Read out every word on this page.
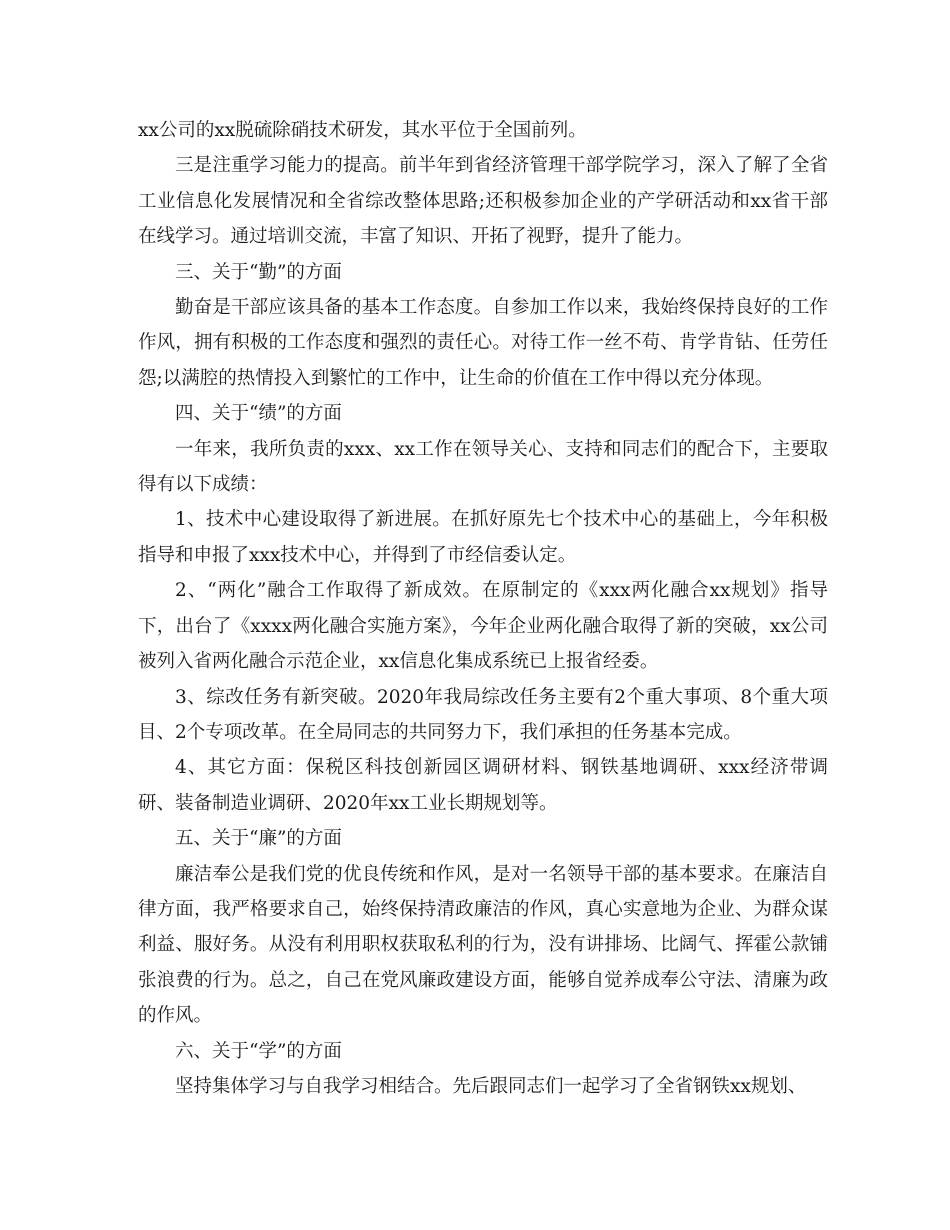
xx公司的xx脱硫除硝技术研发，其水平位于全国前列。

三是注重学习能力的提高。前半年到省经济管理干部学院学习，深入了解了全省工业信息化发展情况和全省综改整体思路;还积极参加企业的产学研活动和xx省干部在线学习。通过培训交流，丰富了知识、开拓了视野，提升了能力。

三、关于“勤”的方面

勤奋是干部应该具备的基本工作态度。自参加工作以来，我始终保持良好的工作作风，拥有积极的工作态度和强烈的责任心。对待工作一丝不苟、肯学肯钻、任劳任怨;以满腔的热情投入到繁忙的工作中，让生命的价值在工作中得以充分体现。

四、关于“绩”的方面

一年来，我所负责的xxx、xx工作在领导关心、支持和同志们的配合下，主要取得有以下成绩：

1、技术中心建设取得了新进展。在抓好原先七个技术中心的基础上，今年积极指导和申报了xxx技术中心，并得到了市经信委认定。

2、“两化”融合工作取得了新成效。在原制定的《xxx两化融合xx规划》指导下，出台了《xxxx两化融合实施方案》，今年企业两化融合取得了新的突破，xx公司被列入省两化融合示范企业，xx信息化集成系统已上报省经委。

3、综改任务有新突破。2020年我局综改任务主要有2个重大事项、8个重大项目、2个专项改革。在全局同志的共同努力下，我们承担的任务基本完成。

4、其它方面：保税区科技创新园区调研材料、钢铁基地调研、xxx经济带调研、装备制造业调研、2020年xx工业长期规划等。

五、关于“廉”的方面

廉洁奉公是我们党的优良传统和作风，是对一名领导干部的基本要求。在廉洁自律方面，我严格要求自己，始终保持清政廉洁的作风，真心实意地为企业、为群众谋利益、服好务。从没有利用职权获取私利的行为，没有讲排场、比阔气、挥霍公款铺张浪费的行为。总之，自己在党风廉政建设方面，能够自觉养成奉公守法、清廉为政的作风。

六、关于“学”的方面

坚持集体学习与自我学习相结合。先后跟同志们一起学习了全省钢铁xx规划、
